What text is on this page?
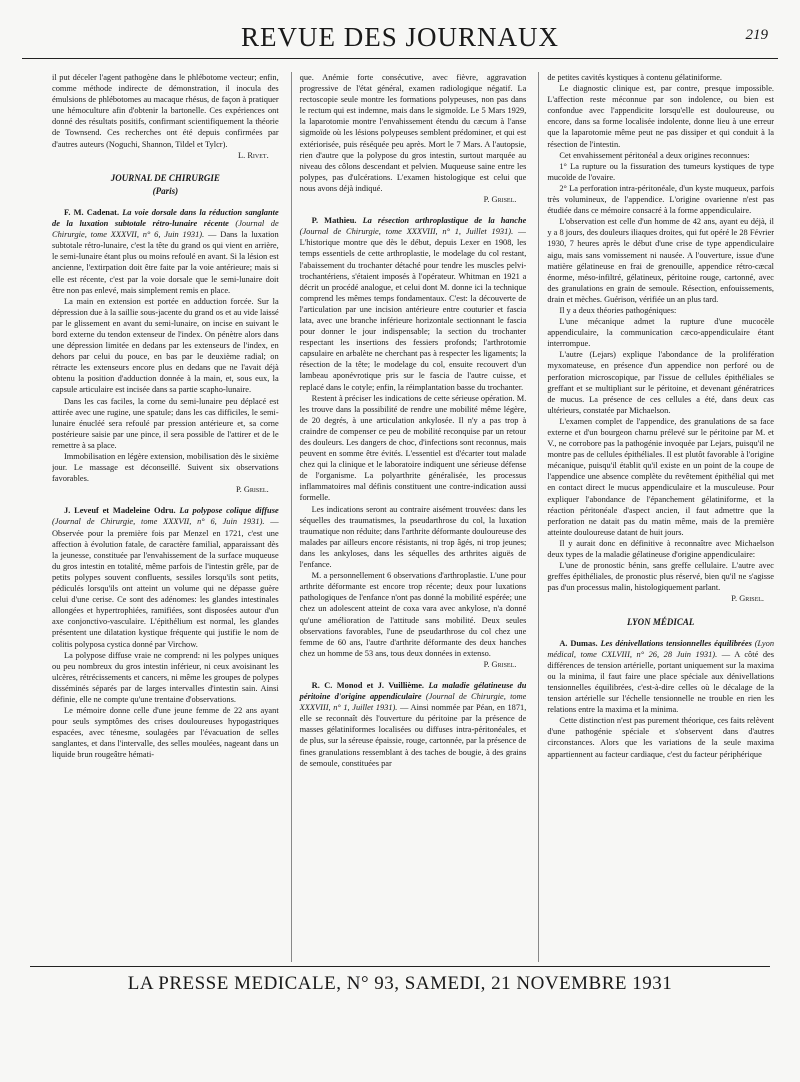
REVUE DES JOURNAUX	219

il put déceler l'agent pathogène dans le phlébotome vecteur; enfin, comme méthode indirecte de démonstration, il inocula des émulsions de phlébotomes au macaque rhésus, de façon à pratiquer une hémoculture afin d'obtenir la bartonelle. Ces expériences ont donné des résultats positifs, confirmant scientifiquement la théorie de Townsend. Ces recherches ont été depuis confirmées par d'autres auteurs (Noguchi, Shannon, Tildel et Tylcr).

L. Rivet.
JOURNAL DE CHIRURGIE
(Paris)

F. M. Cadenat. La voie dorsale dans la réduction sanglante de la luxation subtotale rétro-lunaire récente (Journal de Chirurgie, tome XXXVII, n° 6, Juin 1931). — Dans la luxation subtotale rétro-lunaire, c'est la tête du grand os qui vient en arrière, le semi-lunaire étant plus ou moins refoulé en avant. Si la lésion est ancienne, l'extirpation doit être faite par la voie antérieure; mais si elle est récente, c'est par la voie dorsale que le semi-lunaire doit être non pas enlevé, mais simplement remis en place.

La main en extension est portée en adduction forcée. Sur la dépression due à la saillie sous-jacente du grand os et au vide laissé par le glissement en avant du semi-lunaire, on incise en suivant le bord externe du tendon extenseur de l'index. On pénètre alors dans une dépression limitée en dedans par les extenseurs de l'index, en dehors par celui du pouce, en bas par le deuxième radial; on rétracte les extenseurs encore plus en dedans que ne l'avait déjà obtenu la position d'adduction donnée à la main, et, sous eux, la capsule articulaire est incisée dans sa partie scapho-lunaire.

Dans les cas faciles, la corne du semi-lunaire peu déplacé est attirée avec une rugine, une spatule; dans les cas difficiles, le semi-lunaire énucléé sera refoulé par pression antérieure et, sa corne postérieure saisie par une pince, il sera possible de l'attirer et de le remettre à sa place.

Immobilisation en légère extension, mobilisation dès le sixième jour. Le massage est déconseillé. Suivent six observations favorables.

P. Grisel.

J. Leveuf et Madeleine Odru. La polypose colique diffuse (Journal de Chirurgie, tome XXXVII, n° 6, Juin 1931). — Observée pour la première fois par Menzel en 1721, c'est une affection à évolution fatale, de caractère familial, apparaissant dès la jeunesse, constituée par l'envahissement de la surface muqueuse du gros intestin en totalité, même parfois de l'intestin grêle, par de petits polypes souvent confluents, sessiles lorsqu'ils sont petits, pédiculés lorsqu'ils ont atteint un volume qui ne dépasse guère celui d'une cerise. Ce sont des adénomes: les glandes intestinales allongées et hypertrophiées, ramifiées, sont disposées autour d'un axe conjonctivo-vasculaire. L'épithélium est normal, les glandes présentent une dilatation kystique fréquente qui justifie le nom de colitis polyposa cystica donné par Virchow.

La polypose diffuse vraie ne comprend: ni les polypes uniques ou peu nombreux du gros intestin inférieur, ni ceux avoisinant les ulcères, rétrécissements et cancers, ni même les groupes de polypes disséminés séparés par de larges intervalles d'intestin sain. Ainsi définie, elle ne compte qu'une trentaine d'observations.

Le mémoire donne celle d'une jeune femme de 22 ans ayant pour seuls symptômes des crises douloureuses hypogastriques espacées, avec ténesme, soulagées par l'évacuation de selles sanglantes, et dans l'intervalle, des selles moulées, nageant dans un liquide brun rougeâtre hémati-

que. Anémie forte consécutive, avec fièvre, aggravation progressive de l'état général, examen radiologique négatif. La rectoscopie seule montre les formations polypeuses, non pas dans le rectum qui est indemne, mais dans le sigmoïde. Le 5 Mars 1929, la laparotomie montre l'envahissement étendu du cæcum à l'anse sigmoïde où les lésions polypeuses semblent prédominer, et qui est extériorisée, puis réséquée peu après. Mort le 7 Mars. A l'autopsie, rien d'autre que la polypose du gros intestin, surtout marquée au niveau des côlons descendant et pelvien. Muqueuse saine entre les polypes, pas d'ulcérations. L'examen histologique est celui que nous avons déjà indiqué.

P. Grisel.

P. Mathieu. La résection arthroplastique de la hanche (Journal de Chirurgie, tome XXXVIII, n° 1, Juillet 1931). — L'historique montre que dès le début, depuis Lexer en 1908, les temps essentiels de cette arthroplastie, le modelage du col restant, l'abaissement du trochanter détaché pour tendre les muscles pelvi-trochantériens, s'étaient imposés à l'opérateur. Whitman en 1921 a décrit un procédé analogue, et celui dont M. donne ici la technique comprend les mêmes temps fondamentaux. C'est: la découverte de l'articulation par une incision antérieure entre couturier et fascia lata, avec une branche inférieure horizontale sectionnant le fascia pour donner le jour indispensable; la section du trochanter respectant les insertions des fessiers profonds; l'arthrotomie capsulaire en arbalète ne cherchant pas à respecter les ligaments; la résection de la tête; le modelage du col, ensuite recouvert d'un lambeau aponévrotique pris sur le fascia de l'autre cuisse, et replacé dans le cotyle; enfin, la réimplantation basse du trochanter.

Restent à préciser les indications de cette sérieuse opération. M. les trouve dans la possibilité de rendre une mobilité même légère, de 20 degrés, à une articulation ankylosée. Il n'y a pas trop à craindre de compenser ce peu de mobilité reconquise par un retour des douleurs. Les dangers de choc, d'infections sont reconnus, mais peuvent en somme être évités. L'essentiel est d'écarter tout malade chez qui la clinique et le laboratoire indiquent une sérieuse défense de l'organisme. La polyarthrite généralisée, les processus inflammatoires mal définis constituent une contre-indication aussi formelle.

Les indications seront au contraire aisément trouvées: dans les séquelles des traumatismes, la pseudarthrose du col, la luxation traumatique non réduite; dans l'arthrite déformante douloureuse des malades par ailleurs encore résistants, ni trop âgés, ni trop jeunes; dans les ankyloses, dans les séquelles des arthrites aiguës de l'enfance.

M. a personnellement 6 observations d'arthroplastie. L'une pour arthrite déformante est encore trop récente; deux pour luxations pathologiques de l'enfance n'ont pas donné la mobilité espérée; une chez un adolescent atteint de coxa vara avec ankylose, n'a donné qu'une amélioration de l'attitude sans mobilité. Deux seules observations favorables, l'une de pseudarthrose du col chez une femme de 60 ans, l'autre d'arthrite déformante des deux hanches chez un homme de 53 ans, tous deux données in extenso.

P. Grisel.

R. C. Monod et J. Vuillième. La maladie gélatineuse du péritoine d'origine appendiculaire (Journal de Chirurgie, tome XXXVIII, n° 1, Juillet 1931). — Ainsi nommée par Péan, en 1871, elle se reconnaît dès l'ouverture du péritoine par la présence de masses gélatiniformes localisées ou diffuses intra-péritonéales, et de plus, sur la séreuse épaissie, rouge, cartonnée, par la présence de fines granulations ressemblant à des taches de bougie, à des grains de semoule, constituées par

de petites cavités kystiques à contenu gélatiniforme.

Le diagnostic clinique est, par contre, presque impossible. L'affection reste méconnue par son indolence, ou bien est confondue avec l'appendicite lorsqu'elle est douloureuse, ou encore, dans sa forme localisée indolente, donne lieu à une erreur que la laparotomie même peut ne pas dissiper et qui conduit à la résection de l'intestin.

Cet envahissement péritonéal a deux origines reconnues:

1° La rupture ou la fissuration des tumeurs kystiques de type mucoïde de l'ovaire.

2° La perforation intra-péritonéale, d'un kyste muqueux, parfois très volumineux, de l'appendice. L'origine ovarienne n'est pas étudiée dans ce mémoire consacré à la forme appendiculaire.

L'observation est celle d'un homme de 42 ans, ayant eu déjà, il y a 8 jours, des douleurs iliaques droites, qui fut opéré le 28 Février 1930, 7 heures après le début d'une crise de type appendiculaire aigu, mais sans vomissement ni nausée. A l'ouverture, issue d'une matière gélatineuse en frai de grenouille, appendice rétro-cæcal énorme, méso-infiltré, gélatineux, péritoine rouge, cartonné, avec des granulations en grain de semoule. Résection, enfouissements, drain et mèches. Guérison, vérifiée un an plus tard.

Il y a deux théories pathogéniques:

L'une mécanique admet la rupture d'une mucocèle appendiculaire, la communication cæco-appendiculaire étant interrompue.

L'autre (Lejars) explique l'abondance de la prolifération myxomateuse, en présence d'un appendice non perforé ou de perforation microscopique, par l'issue de cellules épithéliales se greffant et se multipliant sur le péritoine, et devenant génératrices de mucus. La présence de ces cellules a été, dans deux cas ultérieurs, constatée par Michaelson.

L'examen complet de l'appendice, des granulations de sa face externe et d'un bourgeon charnu prélevé sur le péritoine par M. et V., ne corrobore pas la pathogénie invoquée par Lejars, puisqu'il ne montre pas de cellules épithéliales. Il est plutôt favorable à l'origine mécanique, puisqu'il établit qu'il existe en un point de la coupe de l'appendice une absence complète du revêtement épithélial qui met en contact direct le mucus appendiculaire et la musculeuse. Pour expliquer l'abondance de l'épanchement gélatiniforme, et la réaction péritonéale d'aspect ancien, il faut admettre que la perforation ne datait pas du matin même, mais de la première atteinte douloureuse datant de huit jours.

Il y aurait donc en définitive à reconnaître avec Michaelson deux types de la maladie gélatineuse d'origine appendiculaire:

L'une de pronostic bénin, sans greffe cellulaire. L'autre avec greffes épithéliales, de pronostic plus réservé, bien qu'il ne s'agisse pas d'un processus malin, histologiquement parlant.

P. Grisel.
LYON MÉDICAL

A. Dumas. Les dénivellations tensionnelles équilibrées (Lyon médical, tome CXLVIII, n° 26, 28 Juin 1931). — A côté des différences de tension artérielle, portant uniquement sur la maxima ou la minima, il faut faire une place spéciale aux dénivellations tensionnelles équilibrées, c'est-à-dire celles où le décalage de la tension artérielle sur l'échelle tensionnelle ne trouble en rien les relations entre la maxima et la minima.

Cette distinction n'est pas purement théorique, ces faits relèvent d'une pathogénie spéciale et s'observent dans d'autres circonstances. Alors que les variations de la seule maxima appartiennent au facteur cardiaque, c'est du facteur périphérique

LA PRESSE MEDICALE, N° 93, SAMEDI, 21 NOVEMBRE 1931
